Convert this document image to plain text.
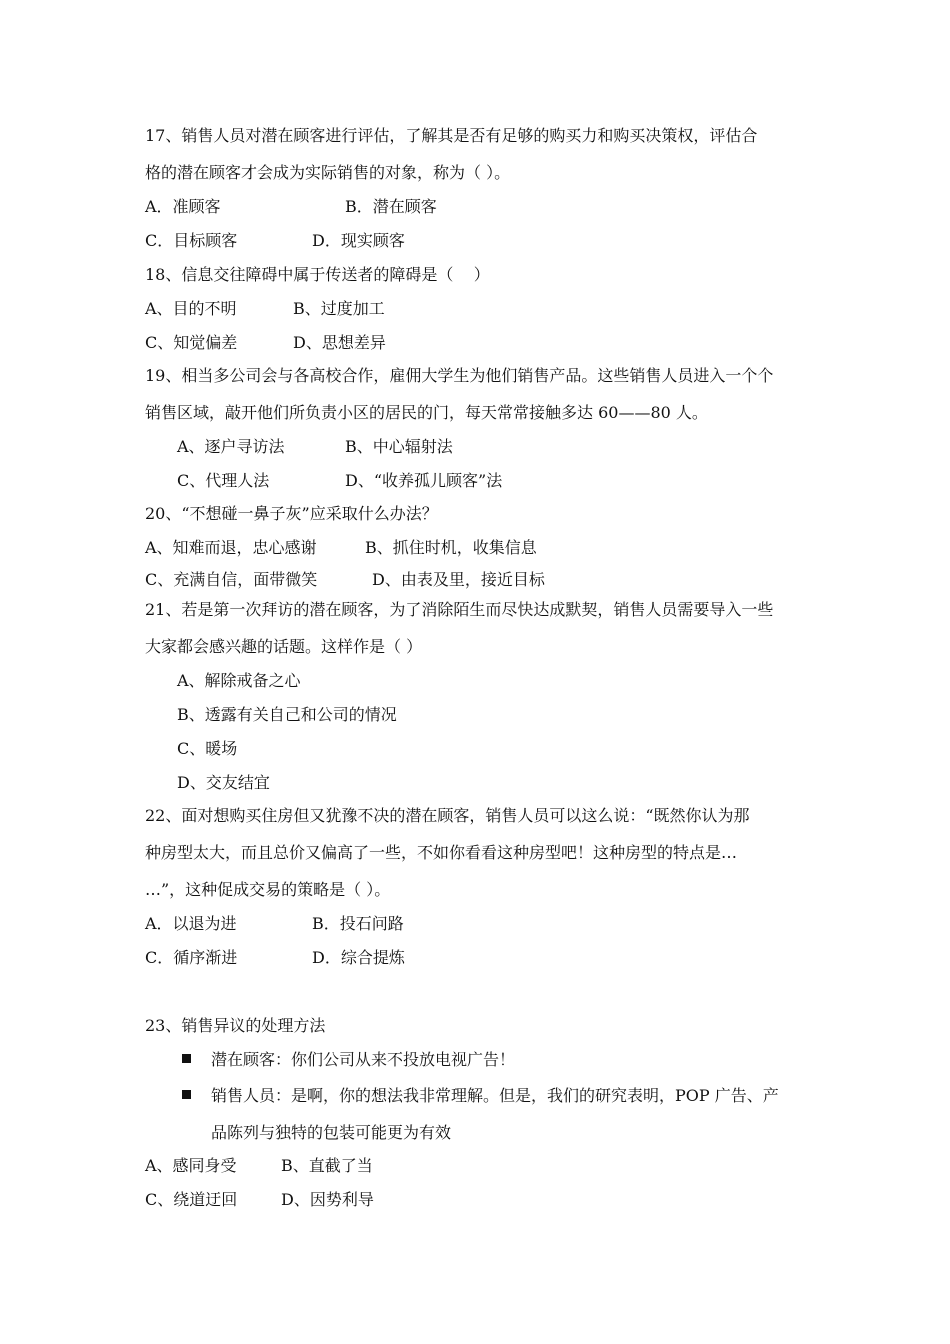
17、销售人员对潜在顾客进行评估，了解其是否有足够的购买力和购买决策权，评估合
格的潜在顾客才会成为实际销售的对象，称为（ ）。
A．准顾客	B．潜在顾客
C．目标顾客	D．现实顾客
18、信息交往障碍中属于传送者的障碍是（    ）
A、目的不明	B、过度加工
C、知觉偏差	D、思想差异
19、相当多公司会与各高校合作，雇佣大学生为他们销售产品。这些销售人员进入一个个
销售区域，敲开他们所负责小区的居民的门，每天常常接触多达 60——80 人。
A、逐户寻访法	B、中心辐射法
C、代理人法	D、“收养孤儿顾客”法
20、“不想碰一鼻子灰”应采取什么办法？
A、知难而退，忠心感谢	B、抓住时机，收集信息
C、充满自信，面带微笑	D、由表及里，接近目标
21、若是第一次拜访的潜在顾客，为了消除陌生而尽快达成默契，销售人员需要导入一些
大家都会感兴趣的话题。这样作是（ ）
A、解除戒备之心
B、透露有关自己和公司的情况
C、暖场
D、交友结宜
22、面对想购买住房但又犹豫不决的潜在顾客，销售人员可以这么说：“既然你认为那
种房型太大，而且总价又偏高了一些，不如你看看这种房型吧！这种房型的特点是…
…”，这种促成交易的策略是（ ）。
A．以退为进	B．投石问路
C．循序渐进	D．综合提炼
23、销售异议的处理方法
潜在顾客：你们公司从来不投放电视广告！
销售人员：是啊，你的想法我非常理解。但是，我们的研究表明，POP 广告、产
品陈列与独特的包装可能更为有效
A、感同身受	B、直截了当
C、绕道迂回	D、因势利导
